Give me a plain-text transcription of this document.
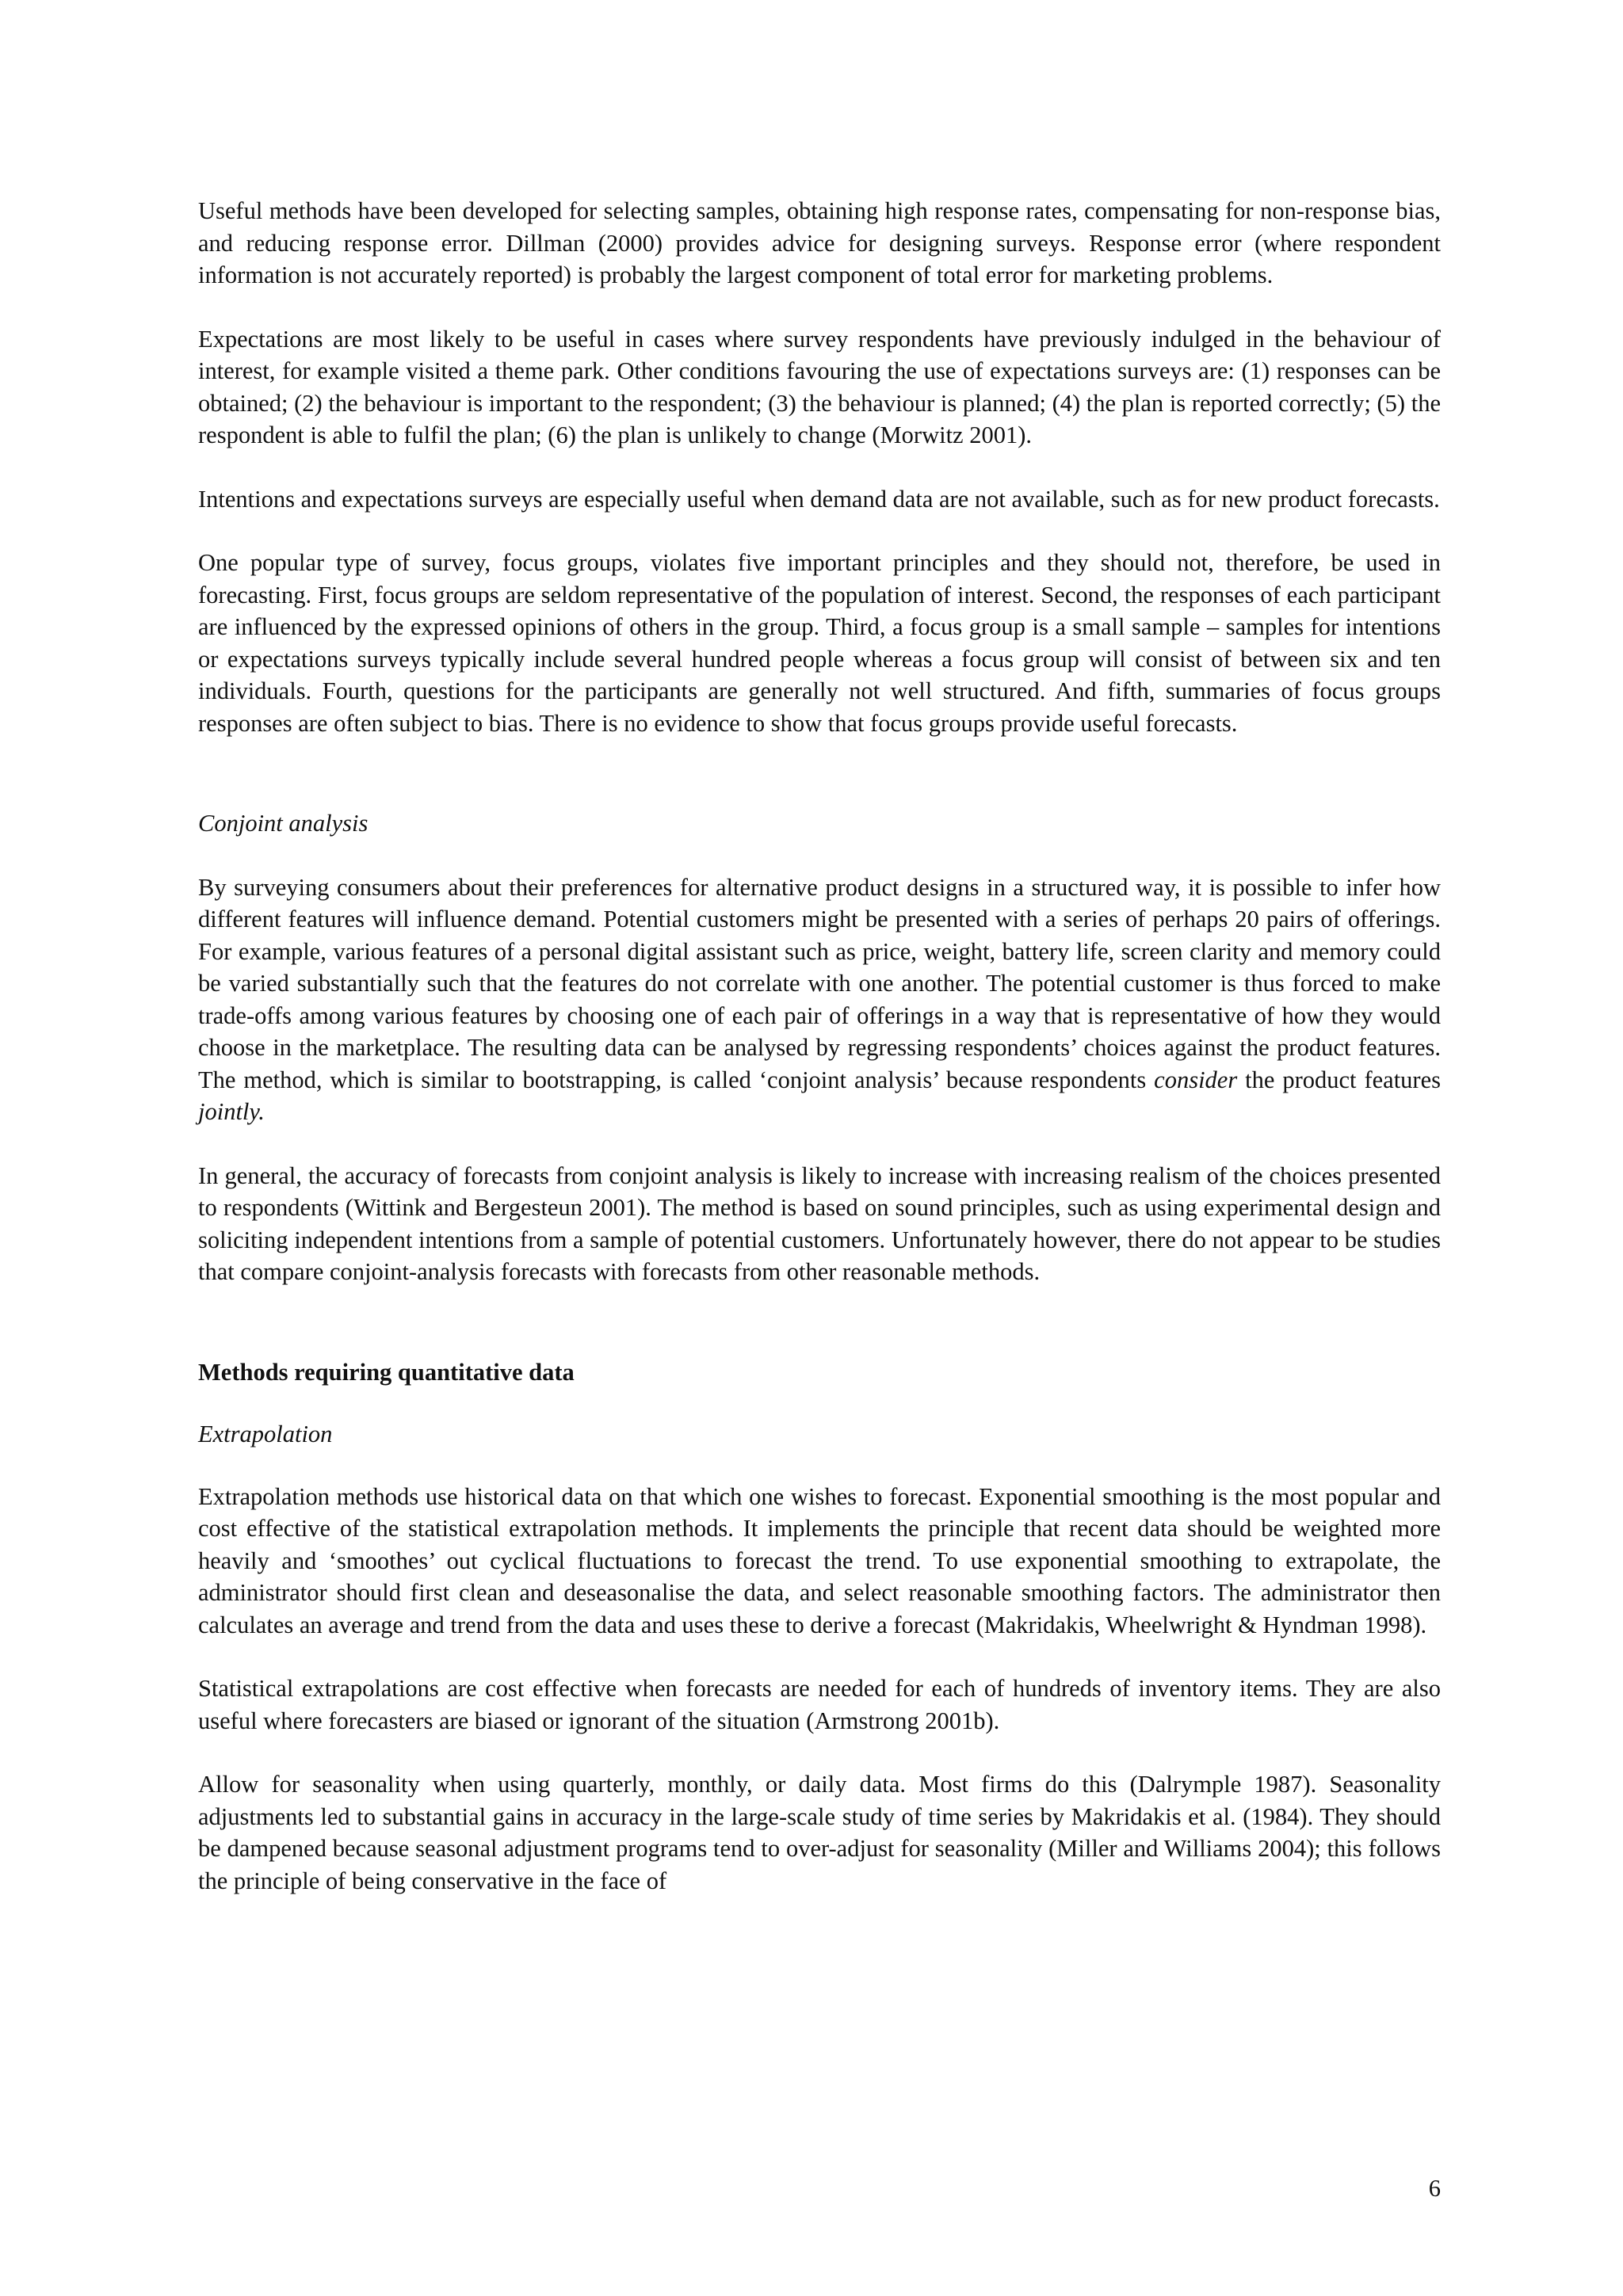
Useful methods have been developed for selecting samples, obtaining high response rates, compensating for non-response bias, and reducing response error. Dillman (2000) provides advice for designing surveys. Response error (where respondent information is not accurately reported) is probably the largest component of total error for marketing problems.

Expectations are most likely to be useful in cases where survey respondents have previously indulged in the behaviour of interest, for example visited a theme park. Other conditions favouring the use of expectations surveys are: (1) responses can be obtained; (2) the behaviour is important to the respondent; (3) the behaviour is planned; (4) the plan is reported correctly; (5) the respondent is able to fulfil the plan; (6) the plan is unlikely to change (Morwitz 2001).

Intentions and expectations surveys are especially useful when demand data are not available, such as for new product forecasts.

One popular type of survey, focus groups, violates five important principles and they should not, therefore, be used in forecasting. First, focus groups are seldom representative of the population of interest. Second, the responses of each participant are influenced by the expressed opinions of others in the group. Third, a focus group is a small sample – samples for intentions or expectations surveys typically include several hundred people whereas a focus group will consist of between six and ten individuals. Fourth, questions for the participants are generally not well structured. And fifth, summaries of focus groups responses are often subject to bias. There is no evidence to show that focus groups provide useful forecasts.

Conjoint analysis

By surveying consumers about their preferences for alternative product designs in a structured way, it is possible to infer how different features will influence demand. Potential customers might be presented with a series of perhaps 20 pairs of offerings. For example, various features of a personal digital assistant such as price, weight, battery life, screen clarity and memory could be varied substantially such that the features do not correlate with one another. The potential customer is thus forced to make trade-offs among various features by choosing one of each pair of offerings in a way that is representative of how they would choose in the marketplace. The resulting data can be analysed by regressing respondents’ choices against the product features. The method, which is similar to bootstrapping, is called ‘conjoint analysis’ because respondents consider the product features jointly.

In general, the accuracy of forecasts from conjoint analysis is likely to increase with increasing realism of the choices presented to respondents (Wittink and Bergesteun 2001). The method is based on sound principles, such as using experimental design and soliciting independent intentions from a sample of potential customers. Unfortunately however, there do not appear to be studies that compare conjoint-analysis forecasts with forecasts from other reasonable methods.

Methods requiring quantitative data

Extrapolation

Extrapolation methods use historical data on that which one wishes to forecast. Exponential smoothing is the most popular and cost effective of the statistical extrapolation methods. It implements the principle that recent data should be weighted more heavily and ‘smoothes’ out cyclical fluctuations to forecast the trend. To use exponential smoothing to extrapolate, the administrator should first clean and deseasonalise the data, and select reasonable smoothing factors. The administrator then calculates an average and trend from the data and uses these to derive a forecast (Makridakis, Wheelwright & Hyndman 1998).

Statistical extrapolations are cost effective when forecasts are needed for each of hundreds of inventory items. They are also useful where forecasters are biased or ignorant of the situation (Armstrong 2001b).

Allow for seasonality when using quarterly, monthly, or daily data. Most firms do this (Dalrymple 1987). Seasonality adjustments led to substantial gains in accuracy in the large-scale study of time series by Makridakis et al. (1984). They should be dampened because seasonal adjustment programs tend to over-adjust for seasonality (Miller and Williams 2004); this follows the principle of being conservative in the face of

6
